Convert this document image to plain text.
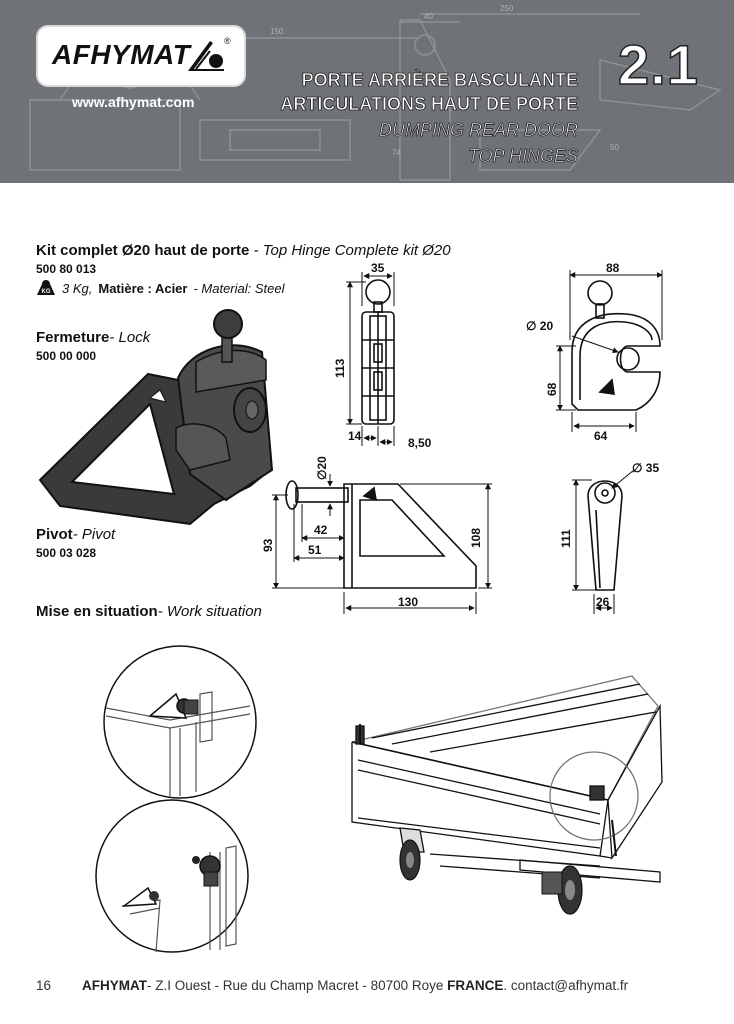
40
250
150
74
50
AFHYMAT	®
www.afhymat.com
2.1
PORTE ARRIÈRE BASCULANTE
ARTICULATIONS HAUT DE PORTE
DUMPING REAR DOOR
TOP HINGES
Kit complet Ø20 haut de porte - Top Hinge Complete kit Ø20
500 80 013
KG 3 Kg, Matière : Acier - Material: Steel
Fermeture- Lock
500 00 000
Pivot- Pivot
500 03 028
Mise en situation- Work situation
35	88
∅ 20
113
68
14	8,50	64
∅20	∅ 35
93
42
51
108	111
130	26
16 AFHYMAT- Z.I Ouest - Rue du Champ Macret - 80700 Roye FRANCE. contact@afhymat.fr
